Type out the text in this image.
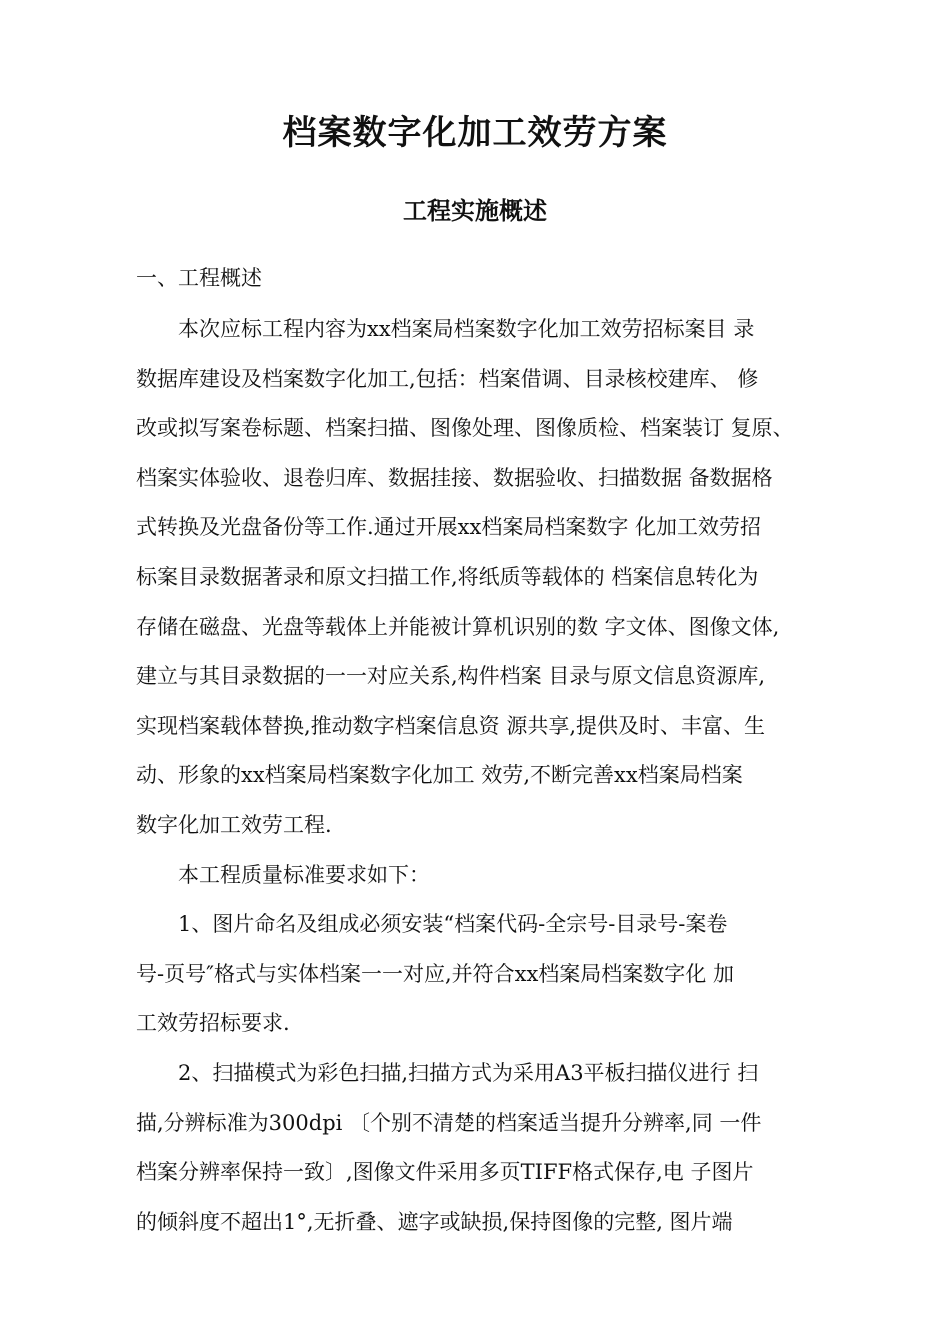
档案数字化加工效劳方案
工程实施概述
一、工程概述
本次应标工程内容为xx档案局档案数字化加工效劳招标案目 录
数据库建设及档案数字化加工,包括：档案借调、目录核校建库、 修
改或拟写案卷标题、档案扫描、图像处理、图像质检、档案装订 复原、
档案实体验收、退卷归库、数据挂接、数据验收、扫描数据 备数据格
式转换及光盘备份等工作.通过开展xx档案局档案数字 化加工效劳招
标案目录数据著录和原文扫描工作,将纸质等载体的 档案信息转化为
存储在磁盘、光盘等载体上并能被计算机识别的数 字文体、图像文体,
建立与其目录数据的一一对应关系,构件档案 目录与原文信息资源库,
实现档案载体替换,推动数字档案信息资 源共享,提供及时、丰富、生
动、形象的xx档案局档案数字化加工 效劳,不断完善xx档案局档案
数字化加工效劳工程.
本工程质量标准要求如下：
1、图片命名及组成必须安装“档案代码-全宗号-目录号-案卷
号-页号″格式与实体档案一一对应,并符合xx档案局档案数字化 加
工效劳招标要求.
2、扫描模式为彩色扫描,扫描方式为采用A3平板扫描仪进行 扫
描,分辨标准为300dpi 〔个别不清楚的档案适当提升分辨率,同 一件
档案分辨率保持一致〕,图像文件采用多页TIFF格式保存,电 子图片
的倾斜度不超出1°,无折叠、遮字或缺损,保持图像的完整, 图片端
